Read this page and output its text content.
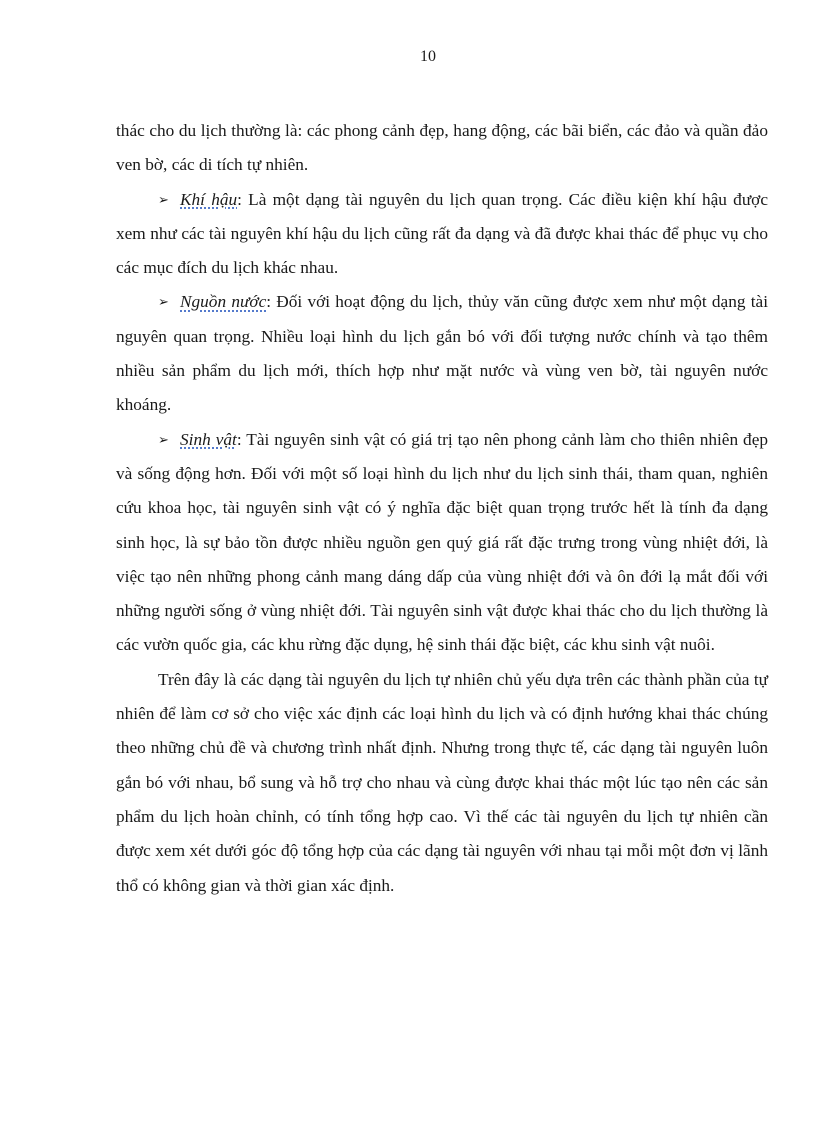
10

thác cho du lịch thường là: các phong cảnh đẹp, hang động, các bãi biển, các đảo và quần đảo ven bờ, các di tích tự nhiên.

➢ Khí hậu: Là một dạng tài nguyên du lịch quan trọng. Các điều kiện khí hậu được xem như các tài nguyên khí hậu du lịch cũng rất đa dạng và đã được khai thác để phục vụ cho các mục đích du lịch khác nhau.

➢ Nguồn nước: Đối với hoạt động du lịch, thủy văn cũng được xem như một dạng tài nguyên quan trọng. Nhiều loại hình du lịch gắn bó với đối tượng nước chính và tạo thêm nhiều sản phẩm du lịch mới, thích hợp như mặt nước và vùng ven bờ, tài nguyên nước khoáng.

➢ Sinh vật: Tài nguyên sinh vật có giá trị tạo nên phong cảnh làm cho thiên nhiên đẹp và sống động hơn. Đối với một số loại hình du lịch như du lịch sinh thái, tham quan, nghiên cứu khoa học, tài nguyên sinh vật có ý nghĩa đặc biệt quan trọng trước hết là tính đa dạng sinh học, là sự bảo tồn được nhiều nguồn gen quý giá rất đặc trưng trong vùng nhiệt đới, là việc tạo nên những phong cảnh mang dáng dấp của vùng nhiệt đới và ôn đới lạ mắt đối với những người sống ở vùng nhiệt đới. Tài nguyên sinh vật được khai thác cho du lịch thường là các vườn quốc gia, các khu rừng đặc dụng, hệ sinh thái đặc biệt, các khu sinh vật nuôi.

Trên đây là các dạng tài nguyên du lịch tự nhiên chủ yếu dựa trên các thành phần của tự nhiên để làm cơ sở cho việc xác định các loại hình du lịch và có định hướng khai thác chúng theo những chủ đề và chương trình nhất định. Nhưng trong thực tế, các dạng tài nguyên luôn gắn bó với nhau, bổ sung và hỗ trợ cho nhau và cùng được khai thác một lúc tạo nên các sản phẩm du lịch hoàn chỉnh, có tính tổng hợp cao. Vì thế các tài nguyên du lịch tự nhiên cần được xem xét dưới góc độ tổng hợp của các dạng tài nguyên với nhau tại mỗi một đơn vị lãnh thổ có không gian và thời gian xác định.
